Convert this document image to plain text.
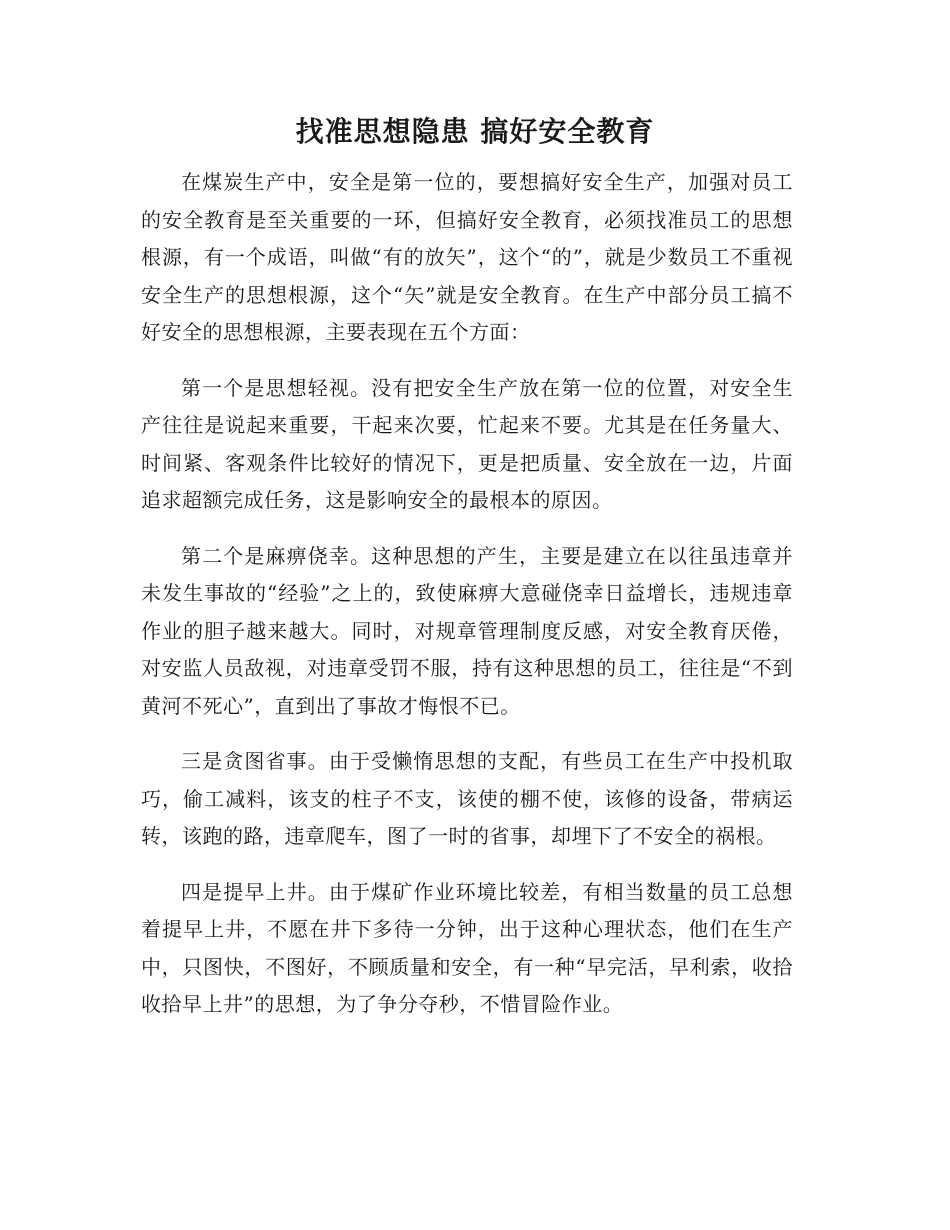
找准思想隐患 搞好安全教育

在煤炭生产中，安全是第一位的，要想搞好安全生产，加强对员工的安全教育是至关重要的一环，但搞好安全教育，必须找准员工的思想根源，有一个成语，叫做“有的放矢”，这个“的”，就是少数员工不重视安全生产的思想根源，这个“矢”就是安全教育。在生产中部分员工搞不好安全的思想根源，主要表现在五个方面：

第一个是思想轻视。没有把安全生产放在第一位的位置，对安全生产往往是说起来重要，干起来次要，忙起来不要。尤其是在任务量大、时间紧、客观条件比较好的情况下，更是把质量、安全放在一边，片面追求超额完成任务，这是影响安全的最根本的原因。

第二个是麻痹侥幸。这种思想的产生，主要是建立在以往虽违章并未发生事故的“经验”之上的，致使麻痹大意碰侥幸日益增长，违规违章作业的胆子越来越大。同时，对规章管理制度反感，对安全教育厌倦，对安监人员敌视，对违章受罚不服，持有这种思想的员工，往往是“不到黄河不死心”，直到出了事故才悔恨不已。

三是贪图省事。由于受懒惰思想的支配，有些员工在生产中投机取巧，偷工减料，该支的柱子不支，该使的棚不使，该修的设备，带病运转，该跑的路，违章爬车，图了一时的省事，却埋下了不安全的祸根。

四是提早上井。由于煤矿作业环境比较差，有相当数量的员工总想着提早上井，不愿在井下多待一分钟，出于这种心理状态，他们在生产中，只图快，不图好，不顾质量和安全，有一种“早完活，早利索，收拾收拾早上井”的思想，为了争分夺秒，不惜冒险作业。
